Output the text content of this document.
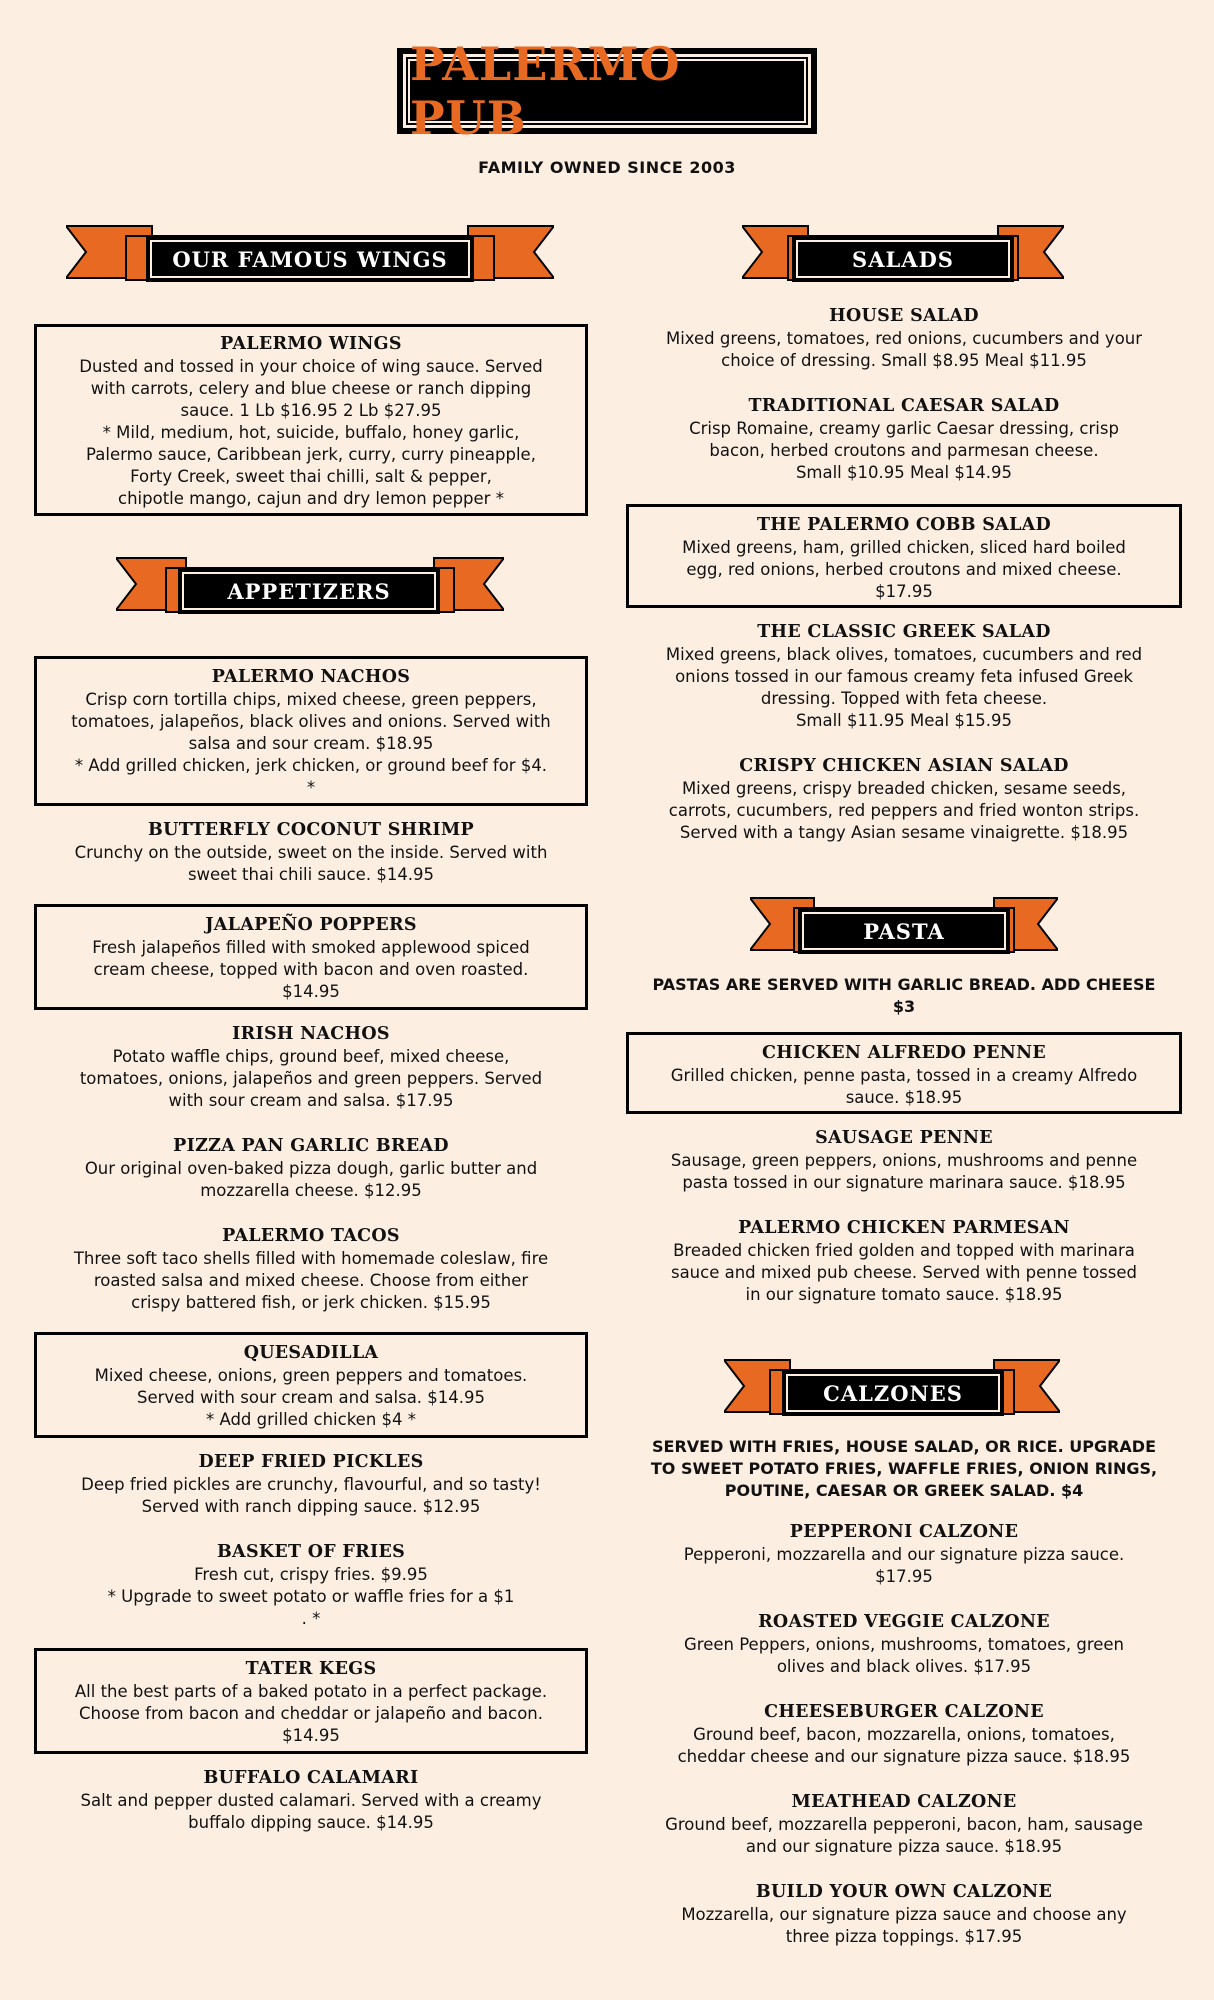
PALERMO PUB
FAMILY OWNED SINCE 2003
OUR FAMOUS WINGS
APPETIZERS
SALADS
PASTA
CALZONES
PALERMO WINGS

Dusted and tossed in your choice of wing sauce. Served
with carrots, celery and blue cheese or ranch dipping
sauce. 1 Lb $16.95 2 Lb $27.95
* Mild, medium, hot, suicide, buffalo, honey garlic,
Palermo sauce, Caribbean jerk, curry, curry pineapple,
Forty Creek, sweet thai chilli, salt & pepper,
chipotle mango, cajun and dry lemon pepper *

PALERMO NACHOS

Crisp corn tortilla chips, mixed cheese, green peppers,
tomatoes, jalapeños, black olives and onions. Served with
salsa and sour cream. $18.95
* Add grilled chicken, jerk chicken, or ground beef for $4.
*

BUTTERFLY COCONUT SHRIMP

Crunchy on the outside, sweet on the inside. Served with
sweet thai chili sauce. $14.95

JALAPEÑO POPPERS

Fresh jalapeños filled with smoked applewood spiced
cream cheese, topped with bacon and oven roasted.
$14.95

IRISH NACHOS

Potato waffle chips, ground beef, mixed cheese,
tomatoes, onions, jalapeños and green peppers. Served
with sour cream and salsa. $17.95

PIZZA PAN GARLIC BREAD

Our original oven-baked pizza dough, garlic butter and
mozzarella cheese. $12.95

PALERMO TACOS

Three soft taco shells filled with homemade coleslaw, fire
roasted salsa and mixed cheese. Choose from either
crispy battered fish, or jerk chicken. $15.95

QUESADILLA

Mixed cheese, onions, green peppers and tomatoes.
Served with sour cream and salsa. $14.95
* Add grilled chicken $4 *

DEEP FRIED PICKLES

Deep fried pickles are crunchy, flavourful, and so tasty!
Served with ranch dipping sauce. $12.95

BASKET OF FRIES

Fresh cut, crispy fries. $9.95
* Upgrade to sweet potato or waffle fries for a $1
. *

TATER KEGS

All the best parts of a baked potato in a perfect package.
Choose from bacon and cheddar or jalapeño and bacon.
$14.95

BUFFALO CALAMARI

Salt and pepper dusted calamari. Served with a creamy
buffalo dipping sauce. $14.95

HOUSE SALAD

Mixed greens, tomatoes, red onions, cucumbers and your
choice of dressing. Small $8.95 Meal $11.95

TRADITIONAL CAESAR SALAD

Crisp Romaine, creamy garlic Caesar dressing, crisp
bacon, herbed croutons and parmesan cheese.
Small $10.95 Meal $14.95

THE PALERMO COBB SALAD

Mixed greens, ham, grilled chicken, sliced hard boiled
egg, red onions, herbed croutons and mixed cheese.
$17.95

THE CLASSIC GREEK SALAD

Mixed greens, black olives, tomatoes, cucumbers and red
onions tossed in our famous creamy feta infused Greek
dressing. Topped with feta cheese.
Small $11.95 Meal $15.95

CRISPY CHICKEN ASIAN SALAD

Mixed greens, crispy breaded chicken, sesame seeds,
carrots, cucumbers, red peppers and fried wonton strips.
Served with a tangy Asian sesame vinaigrette. $18.95

PASTAS ARE SERVED WITH GARLIC BREAD. ADD CHEESE
$3
CHICKEN ALFREDO PENNE

Grilled chicken, penne pasta, tossed in a creamy Alfredo
sauce. $18.95

SAUSAGE PENNE

Sausage, green peppers, onions, mushrooms and penne
pasta tossed in our signature marinara sauce. $18.95

PALERMO CHICKEN PARMESAN

Breaded chicken fried golden and topped with marinara
sauce and mixed pub cheese. Served with penne tossed
in our signature tomato sauce. $18.95

SERVED WITH FRIES, HOUSE SALAD, OR RICE. UPGRADE
TO SWEET POTATO FRIES, WAFFLE FRIES, ONION RINGS,
POUTINE, CAESAR OR GREEK SALAD. $4
PEPPERONI CALZONE

Pepperoni, mozzarella and our signature pizza sauce.
$17.95

ROASTED VEGGIE CALZONE

Green Peppers, onions, mushrooms, tomatoes, green
olives and black olives. $17.95

CHEESEBURGER CALZONE

Ground beef, bacon, mozzarella, onions, tomatoes,
cheddar cheese and our signature pizza sauce. $18.95

MEATHEAD CALZONE

Ground beef, mozzarella pepperoni, bacon, ham, sausage
and our signature pizza sauce. $18.95

BUILD YOUR OWN CALZONE

Mozzarella, our signature pizza sauce and choose any
three pizza toppings. $17.95
